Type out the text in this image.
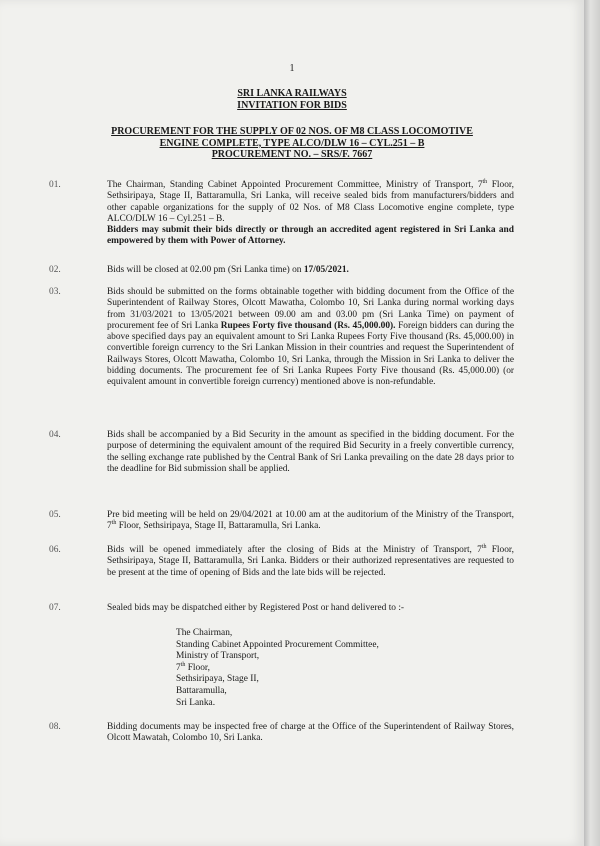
1
SRI LANKA RAILWAYS
INVITATION FOR BIDS
PROCUREMENT FOR THE SUPPLY OF 02 NOS. OF M8 CLASS LOCOMOTIVE
ENGINE COMPLETE, TYPE ALCO/DLW 16 – CYL.251 – B
PROCUREMENT NO. – SRS/F. 7667
01.	The Chairman, Standing Cabinet Appointed Procurement Committee, Ministry of Transport, 7th Floor, Sethsiripaya, Stage II, Battaramulla, Sri Lanka, will receive sealed bids from manufacturers/bidders and other capable organizations for the supply of 02 Nos. of M8 Class Locomotive engine complete, type ALCO/DLW 16 – Cyl.251 – B.
Bidders may submit their bids directly or through an accredited agent registered in Sri Lanka and empowered by them with Power of Attorney.
02.	Bids will be closed at 02.00 pm (Sri Lanka time) on 17/05/2021.
03.	Bids should be submitted on the forms obtainable together with bidding document from the Office of the Superintendent of Railway Stores, Olcott Mawatha, Colombo 10, Sri Lanka during normal working days from 31/03/2021 to 13/05/2021 between 09.00 am and 03.00 pm (Sri Lanka Time) on payment of procurement fee of Sri Lanka Rupees Forty five thousand (Rs. 45,000.00). Foreign bidders can during the above specified days pay an equivalent amount to Sri Lanka Rupees Forty Five thousand (Rs. 45,000.00) in convertible foreign currency to the Sri Lankan Mission in their countries and request the Superintendent of Railways Stores, Olcott Mawatha, Colombo 10, Sri Lanka, through the Mission in Sri Lanka to deliver the bidding documents. The procurement fee of Sri Lanka Rupees Forty Five thousand (Rs. 45,000.00) (or equivalent amount in convertible foreign currency) mentioned above is non-refundable.
04.	Bids shall be accompanied by a Bid Security in the amount as specified in the bidding document. For the purpose of determining the equivalent amount of the required Bid Security in a freely convertible currency, the selling exchange rate published by the Central Bank of Sri Lanka prevailing on the date 28 days prior to the deadline for Bid submission shall be applied.
05.	Pre bid meeting will be held on 29/04/2021 at 10.00 am at the auditorium of the Ministry of the Transport, 7th Floor, Sethsiripaya, Stage II, Battaramulla, Sri Lanka.
06.	Bids will be opened immediately after the closing of Bids at the Ministry of Transport, 7th Floor, Sethsiripaya, Stage II, Battaramulla, Sri Lanka. Bidders or their authorized representatives are requested to be present at the time of opening of Bids and the late bids will be rejected.
07.	Sealed bids may be dispatched either by Registered Post or hand delivered to :-
The Chairman,
Standing Cabinet Appointed Procurement Committee,
Ministry of Transport,
7th Floor,
Sethsiripaya, Stage II,
Battaramulla,
Sri Lanka.
08.	Bidding documents may be inspected free of charge at the Office of the Superintendent of Railway Stores, Olcott Mawatah, Colombo 10, Sri Lanka.
